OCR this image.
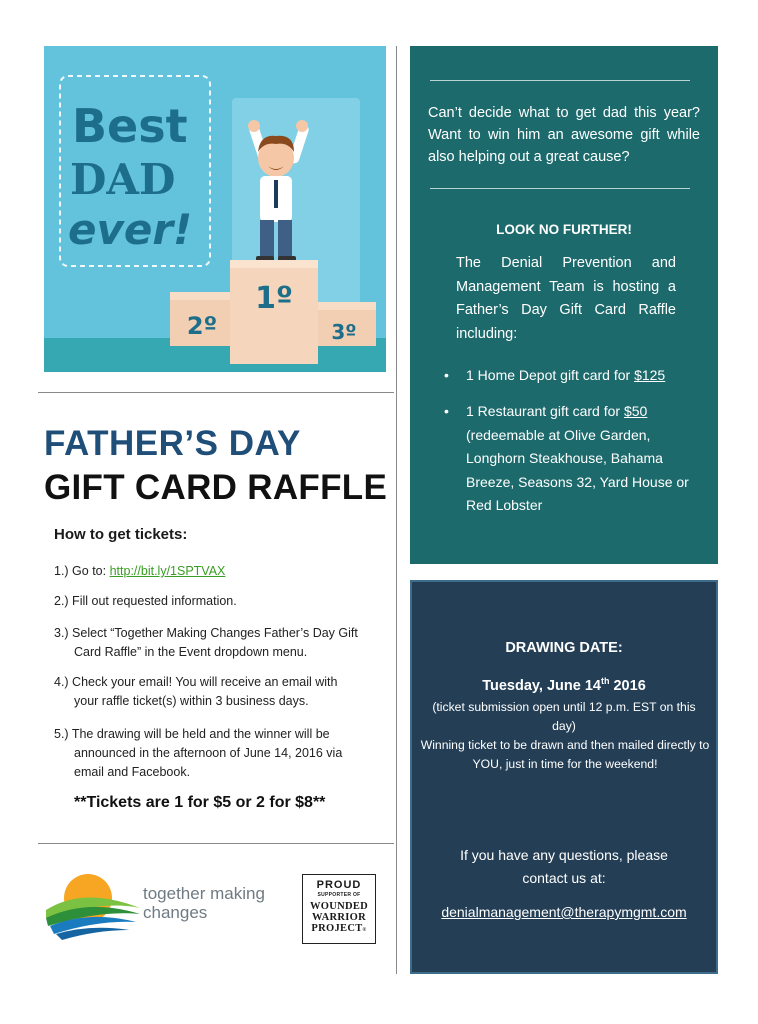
Best
DAD
ever!
1º
2º	3º
FATHER’S DAY
GIFT CARD RAFFLE
How to get tickets:
1.) Go to: http://bit.ly/1SPTVAX
2.) Fill out requested information.
3.) Select “Together Making Changes Father’s Day Gift
Card Raffle” in the Event dropdown menu.
4.) Check your email! You will receive an email with
your raffle ticket(s) within 3 business days.
5.) The drawing will be held and the winner will be
announced in the afternoon of June 14, 2016 via
email and Facebook.
**Tickets are 1 for $5 or 2 for $8**
together making
changes
PROUD
SUPPORTER OF
WOUNDED
WARRIOR
PROJECT®
Can’t decide what to get dad this year? Want to win him an awesome gift while also helping out a great cause?
LOOK NO FURTHER!
The Denial Prevention and Management Team is hosting a Father’s Day Gift Card Raffle including:
• 1 Home Depot gift card for $125
• 1 Restaurant gift card for $50
(redeemable at Olive Garden, Longhorn Steakhouse, Bahama Breeze, Seasons 32, Yard House or Red Lobster
DRAWING DATE:
Tuesday, June 14th 2016
(ticket submission open until 12 p.m. EST on this day)
Winning ticket to be drawn and then mailed directly to YOU, just in time for the weekend!
If you have any questions, please contact us at:
denialmanagement@therapymgmt.com
